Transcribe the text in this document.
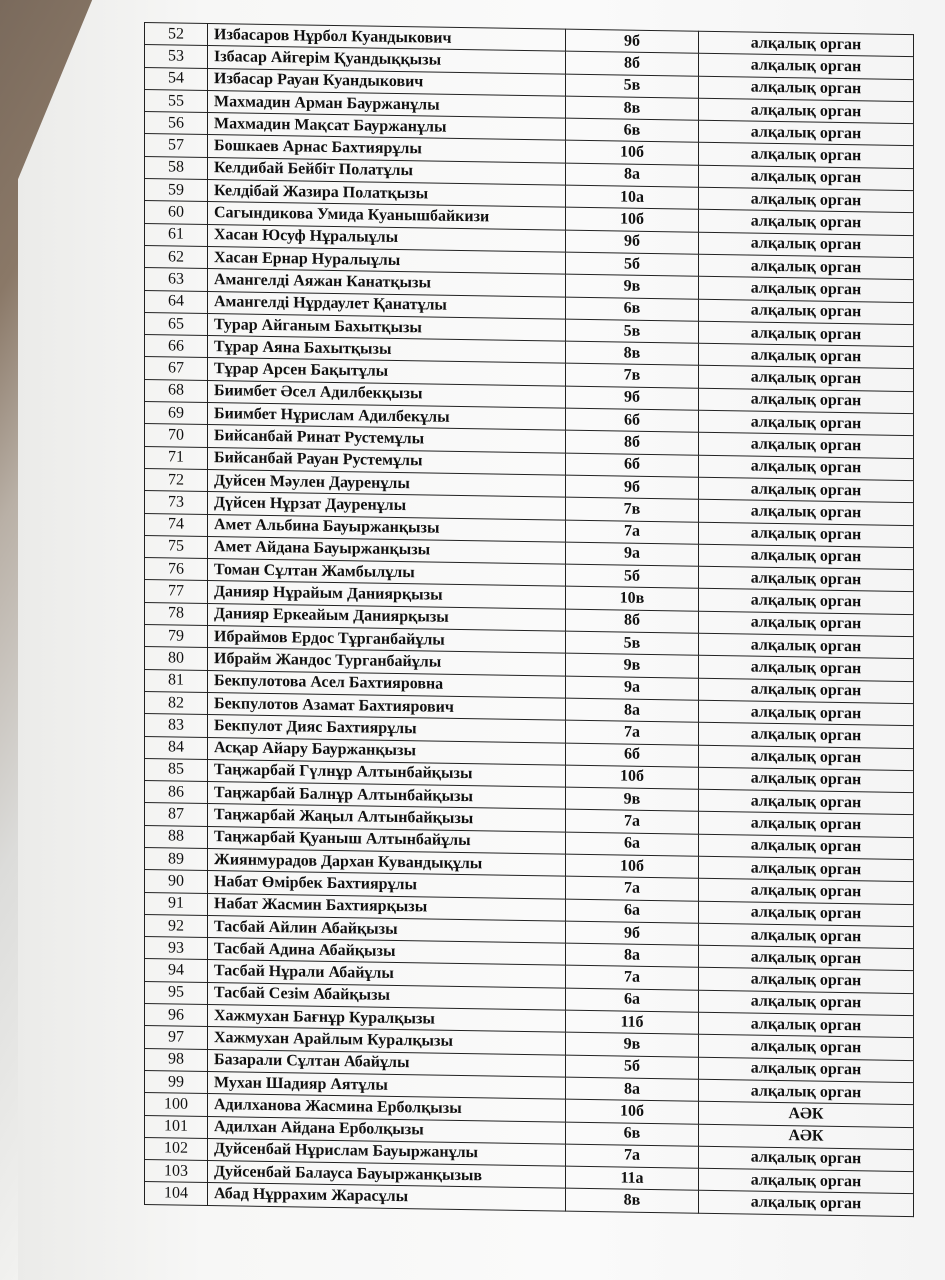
52	Избасаров Нұрбол Куандыкович	9б	алқалық орган
53	Ізбасар Айгерім Қуандыққызы	8б	алқалық орган
54	Избасар Рауан Куандыкович	5в	алқалық орган
55	Махмадин Арман Бауржанұлы	8в	алқалық орган
56	Махмадин Мақсат Бауржанұлы	6в	алқалық орган
57	Бошкаев Арнас Бахтиярұлы	10б	алқалық орган
58	Келдибай Бейбіт Полатұлы	8а	алқалық орган
59	Келдібай Жазира Полатқызы	10а	алқалық орган
60	Сагындикова Умида Куанышбайкизи	10б	алқалық орган
61	Хасан Юсуф Нұралыұлы	9б	алқалық орган
62	Хасан Ернар Нуралыұлы	5б	алқалық орган
63	Амангелді Аяжан Канатқызы	9в	алқалық орган
64	Амангелді Нұрдаулет Қанатұлы	6в	алқалық орган
65	Турар Айганым Бахытқызы	5в	алқалық орган
66	Тұрар Аяна Бахытқызы	8в	алқалық орган
67	Тұрар Арсен Бақытұлы	7в	алқалық орган
68	Биимбет Әсел Адилбекқызы	9б	алқалық орган
69	Биимбет Нұрислам Адилбекұлы	6б	алқалық орган
70	Бийсанбай Ринат Рустемұлы	8б	алқалық орган
71	Бийсанбай Рауан Рустемұлы	6б	алқалық орган
72	Дуйсен Мәулен Дауренұлы	9б	алқалық орган
73	Дүйсен Нұрзат Дауренұлы	7в	алқалық орган
74	Амет Альбина Бауыржанқызы	7а	алқалық орган
75	Амет Айдана Бауыржанқызы	9а	алқалық орган
76	Томан Сұлтан Жамбылұлы	5б	алқалық орган
77	Данияр Нұрайым Даниярқызы	10в	алқалық орган
78	Данияр Еркеайым Даниярқызы	8б	алқалық орган
79	Ибраймов Ердос Тұрганбайұлы	5в	алқалық орган
80	Ибрайм Жандос Турганбайұлы	9в	алқалық орган
81	Бекпулотова Асел Бахтияровна	9а	алқалық орган
82	Бекпулотов Азамат Бахтиярович	8а	алқалық орган
83	Бекпулот Дияс Бахтиярұлы	7а	алқалық орган
84	Асқар Айару Бауржанқызы	6б	алқалық орган
85	Таңжарбай Гүлнұр Алтынбайқызы	10б	алқалық орган
86	Таңжарбай Балнұр Алтынбайқызы	9в	алқалық орган
87	Таңжарбай Жаңыл Алтынбайқызы	7а	алқалық орган
88	Таңжарбай Қуаныш Алтынбайұлы	6а	алқалық орган
89	Жиянмурадов Дархан Кувандықұлы	10б	алқалық орган
90	Набат Өмірбек Бахтиярұлы	7а	алқалық орган
91	Набат Жасмин Бахтиярқызы	6а	алқалық орган
92	Тасбай Айлин Абайқызы	9б	алқалық орган
93	Тасбай Адина Абайқызы	8а	алқалық орган
94	Тасбай Нұрали Абайұлы	7а	алқалық орган
95	Тасбай Сезім Абайқызы	6а	алқалық орган
96	Хажмухан Бағнұр Куралқызы	11б	алқалық орган
97	Хажмухан Арайлым Куралқызы	9в	алқалық орган
98	Базарали Сұлтан Абайұлы	5б	алқалық орган
99	Мухан Шадияр Аятұлы	8а	алқалық орган
100	Адилханова Жасмина Ерболқызы	10б	АӘК
101	Адилхан Айдана Ерболқызы	6в	АӘК
102	Дуйсенбай Нұрислам Бауыржанұлы	7а	алқалық орган
103	Дуйсенбай Балауса Бауыржанқызыв	11а	алқалық орган
104	Абад Нұррахим Жарасұлы	8в	алқалық орган
